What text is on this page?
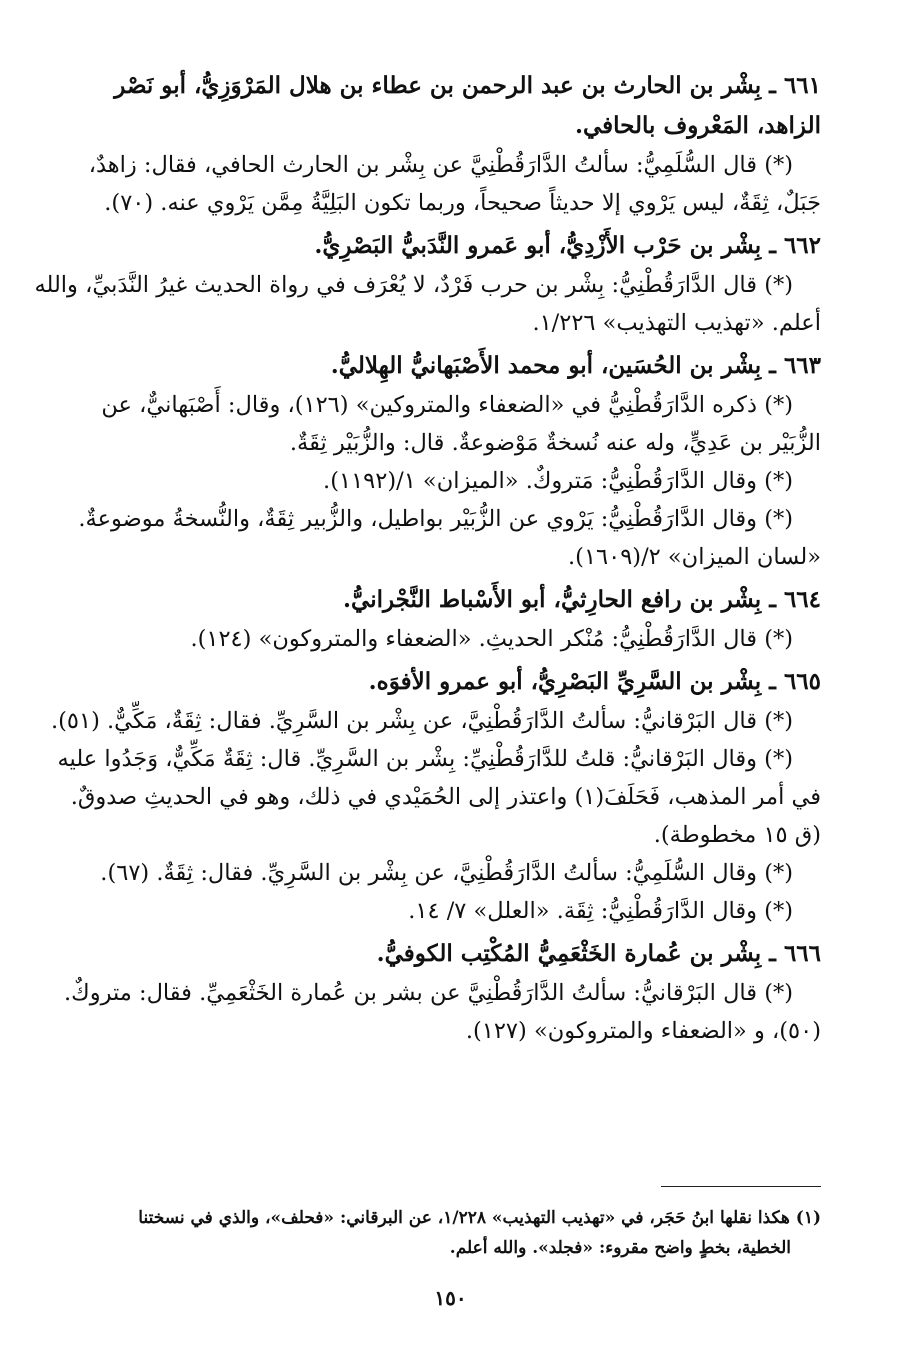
٦٦١ ـ بِشْر بن الحارث بن عبد الرحمن بن عطاء بن هلال المَرْوَزِيُّ، أبو نَصْر
الزاهد، المَعْروف بالحافي.
(*) قال السُّلَمِيُّ: سألتُ الدَّارَقُطْنِيَّ عن بِشْر بن الحارث الحافي، فقال: زاهدٌ،
جَبَلٌ، ثِقَةٌ، ليس يَرْوي إلا حديثاً صحيحاً، وربما تكون البَلِيَّةُ مِمَّن يَرْوي عنه. (٧٠).
٦٦٢ ـ بِشْر بن حَرْب الأَزْدِيُّ، أبو عَمرو النَّدَبيُّ البَصْرِيُّ.
(*) قال الدَّارَقُطْنِيُّ: بِشْر بن حرب فَرْدٌ، لا يُعْرَف في رواة الحديث غيرُ النَّدَبيِّ، والله
أعلم. «تهذيب التهذيب» ١/٢٢٦.
٦٦٣ ـ بِشْر بن الحُسَين، أبو محمد الأَصْبَهانيُّ الهِلاليُّ.
(*) ذكره الدَّارَقُطْنِيُّ في «الضعفاء والمتروكين» (١٢٦)، وقال: أَصْبَهانيٌّ، عن
الزُّبَيْر بن عَدِيٍّ، وله عنه نُسخةٌ مَوْضوعةٌ. قال: والزُّبَيْر ثِقَةٌ.
(*) وقال الدَّارَقُطْنِيُّ: مَتروكٌ. «الميزان» ١/(١١٩٢).
(*) وقال الدَّارَقُطْنِيُّ: يَرْوي عن الزُّبَيْر بواطيل، والزُّبير ثِقَةٌ، والنُّسخةُ موضوعةٌ.
«لسان الميزان» ٢/(١٦٠٩).
٦٦٤ ـ بِشْر بن رافع الحارِثيُّ، أبو الأَسْباط النَّجْرانيُّ.
(*) قال الدَّارَقُطْنِيُّ: مُنْكر الحديثِ. «الضعفاء والمتروكون» (١٢٤).
٦٦٥ ـ بِشْر بن السَّرِيِّ البَصْرِيُّ، أبو عمرو الأفوَه.
(*) قال البَرْقانيُّ: سألتُ الدَّارَقُطْنِيَّ، عن بِشْر بن السَّرِيِّ. فقال: ثِقَةٌ، مَكِّيٌّ. (٥١).
(*) وقال البَرْقانيُّ: قلتُ للدَّارَقُطْنِيِّ: بِشْر بن السَّرِيِّ. قال: ثِقَةٌ مَكِّيٌّ، وَجَدُوا عليه
في أمر المذهب، فَحَلَفَ(١) واعتذر إلى الحُمَيْدي في ذلك، وهو في الحديثِ صدوقٌ.
(ق ١٥ مخطوطة).
(*) وقال السُّلَمِيُّ: سألتُ الدَّارَقُطْنِيَّ، عن بِشْر بن السَّرِيِّ. فقال: ثِقَةٌ. (٦٧).
(*) وقال الدَّارَقُطْنِيُّ: ثِقَة. «العلل» ٧/ ١٤.
٦٦٦ ـ بِشْر بن عُمارة الخَثْعَمِيُّ المُكْتِب الكوفيُّ.
(*) قال البَرْقانيُّ: سألتُ الدَّارَقُطْنِيَّ عن بشر بن عُمارة الخَثْعَمِيِّ. فقال: متروكٌ.
(٥٠)، و «الضعفاء والمتروكون» (١٢٧).
(١) هكذا نقلها ابنُ حَجَر، في «تهذيب التهذيب» ١/٢٢٨، عن البرقاني: «فحلف»، والذي في نسختنا
الخطية، بخطٍ واضح مقروء: «فجلد». والله أعلم.
١٥٠
